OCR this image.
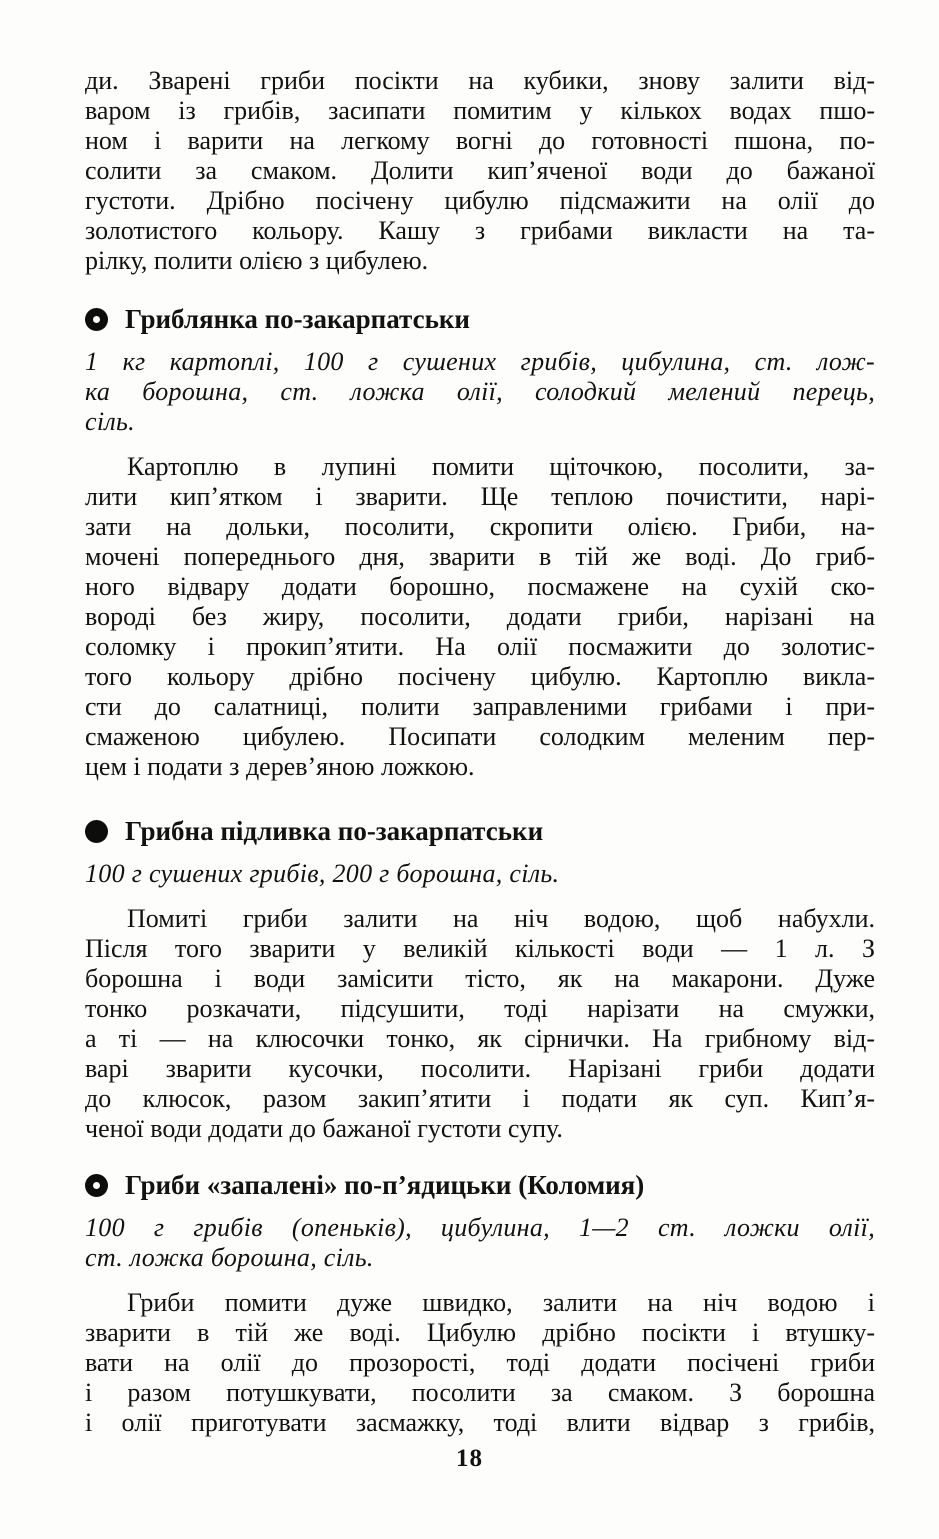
ди. Зварені гриби посікти на кубики, знову залити від-
варом із грибів, засипати помитим у кількох водах пшо-
ном і варити на легкому вогні до готовності пшона, по-
солити за смаком. Долити кип’яченої води до бажаної
густоти. Дрібно посічену цибулю підсмажити на олії до
золотистого кольору. Кашу з грибами викласти на та-
рілку, полити олією з цибулею.
Гриблянка по-закарпатськи
1 кг картоплі, 100 г сушених грибів, цибулина, ст. лож-
ка борошна, ст. ложка олії, солодкий мелений перець,
сіль.
Картоплю в лупині помити щіточкою, посолити, за-
лити кип’ятком і зварити. Ще теплою почистити, нарі-
зати на дольки, посолити, скропити олією. Гриби, на-
мочені попереднього дня, зварити в тій же воді. До гриб-
ного відвару додати борошно, посмажене на сухій ско-
вороді без жиру, посолити, додати гриби, нарізані на
соломку і прокип’ятити. На олії посмажити до золотис-
того кольору дрібно посічену цибулю. Картоплю викла-
сти до салатниці, полити заправленими грибами і при-
смаженою цибулею. Посипати солодким меленим пер-
цем і подати з дерев’яною ложкою.
Грибна підливка по-закарпатськи
100 г сушених грибів, 200 г борошна, сіль.
Помиті гриби залити на ніч водою, щоб набухли.
Після того зварити у великій кількості води — 1 л. З
борошна і води замісити тісто, як на макарони. Дуже
тонко розкачати, підсушити, тоді нарізати на смужки,
а ті — на клюсочки тонко, як сірнички. На грибному від-
варі зварити кусочки, посолити. Нарізані гриби додати
до клюсок, разом закип’ятити і подати як суп. Кип’я-
ченої води додати до бажаної густоти супу.
Гриби «запалені» по-п’ядицьки (Коломия)
100 г грибів (опеньків), цибулина, 1—2 ст. ложки олії,
ст. ложка борошна, сіль.
Гриби помити дуже швидко, залити на ніч водою і
зварити в тій же воді. Цибулю дрібно посікти і втушку-
вати на олії до прозорості, тоді додати посічені гриби
і разом потушкувати, посолити за смаком. З борошна
і олії приготувати засмажку, тоді влити відвар з грибів,
18
